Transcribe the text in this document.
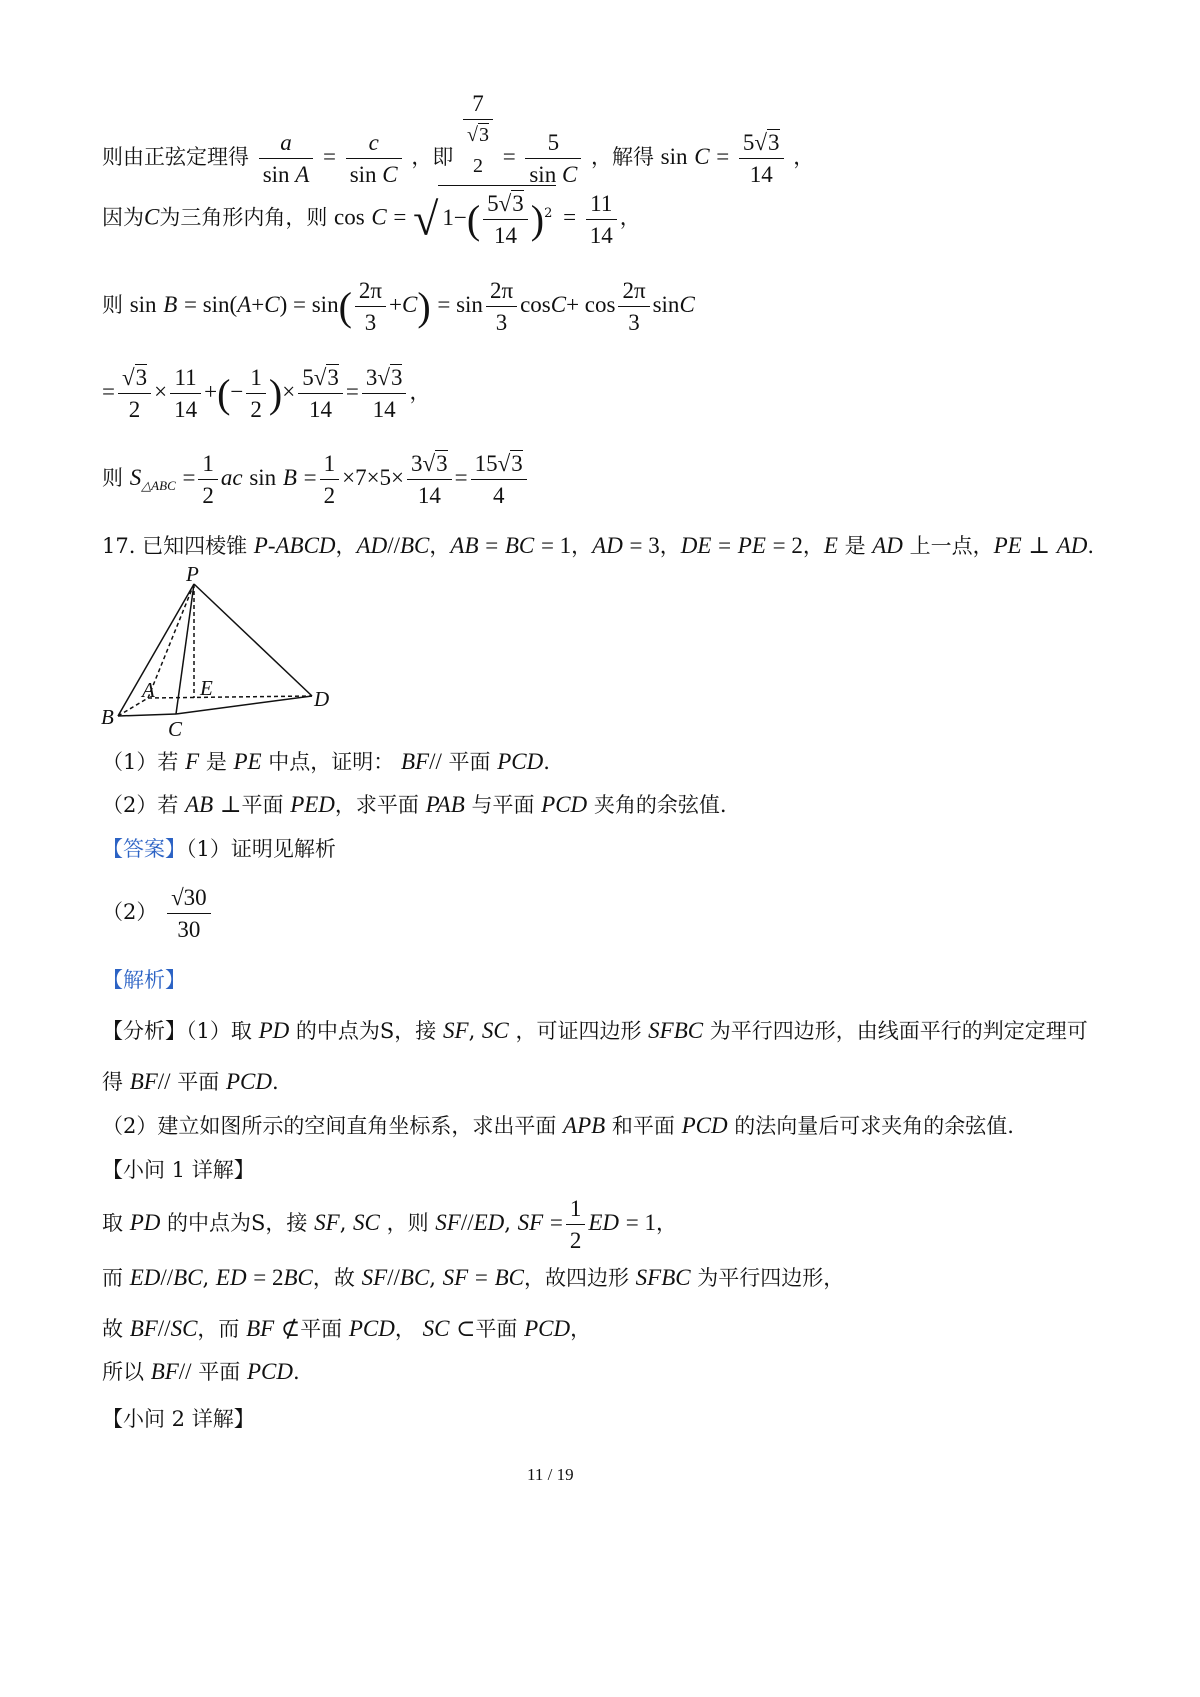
则由正弦定理得 $\frac{a}{\text{sin A}} = \frac{c}{\text{sin C}}$ ，即
7
√3
$2 = \frac{5}{\text{sin C}}$ ，解得 $\sin C = \frac{5√3}{14}$ ，
因为C为三角形内角，则 cos C = √ $1-( \frac{5√3}{14} )^2 = \frac{11}{14}$ ，
则 $\sin B = \sin(A+C) = \sin( \frac{2\pi}{3} +C) = \sin \frac{2\pi}{3} \cos C+ \cos \frac{2\pi}{3}$ sinC
= $\frac{√3}{2} \times \frac{11}{14}$ +(− $\frac{1}{2}$ )× $\frac{5√3}{14} = \frac{3√3}{14}$ ，
则 $S_{\triangle ABC} = \frac{1}{2}$ ac $\sin B = \frac{1}{2} \times 7\times 5\times \frac{3√3}{14} = \frac{15√3}{4}$
17. 已知四棱锥 P-ABCD，AD//BC，AB = BC = 1，AD = 3，DE = PE = 2，E 是 AD 上一点，PE ⊥ AD.
P
A E	D
B	C
（1）若 F 是 PE 中点，证明： BF// 平面 PCD.
（2）若 AB ⊥平面 PED，求平面 PAB 与平面 PCD 夹角的余弦值.
【答案】（1）证明见解析
$(2) \frac{√30}{30}$
【解析】
【分析】（1）取 PD 的中点为S，接 SF, SC ，可证四边形 SFBC 为平行四边形，由线面平行的判定定理可
得 BF// 平面 PCD.
（2）建立如图所示的空间直角坐标系，求出平面 APB 和平面 PCD 的法向量后可求夹角的余弦值.
【小问 1 详解】
取 PD 的中点为S，接 SF, SC ，则 SF//ED, SF = $\frac{1}{2}$ ED = 1，
而 ED//BC, ED = 2BC，故 SF//BC, SF = BC，故四边形 SFBC 为平行四边形，
故 BF//SC，而 BF ⊄平面 PCD， SC ⊂平面 PCD，
所以 BF// 平面 PCD.
【小问 2 详解】
11 / 19
